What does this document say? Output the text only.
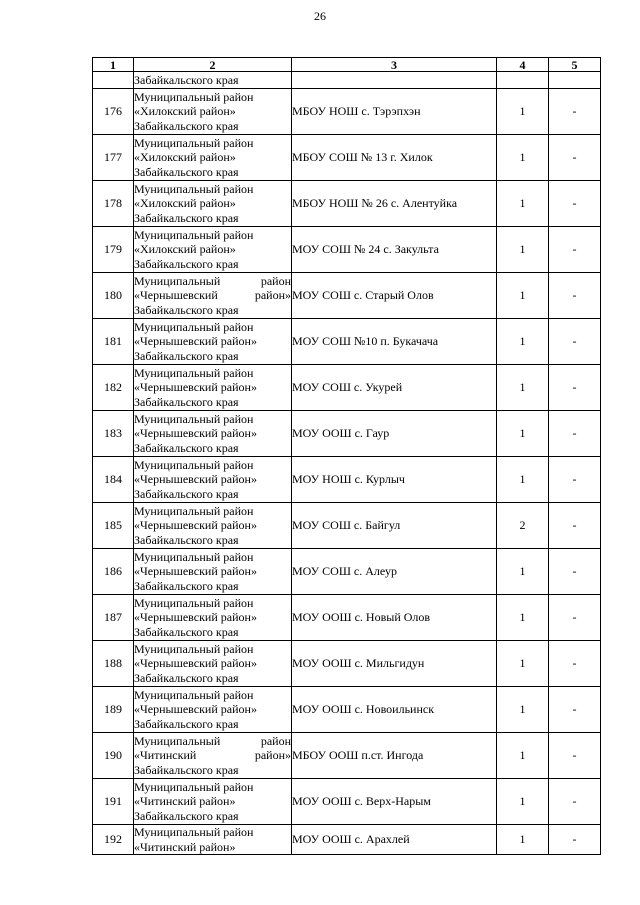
26
1	2	3	4	5

	Забайкальского края			

176	Муниципальный район
«Хилокский район»
Забайкальского края	МБОУ НОШ с. Тэрэпхэн	1	-
177	Муниципальный район
«Хилокский район»
Забайкальского края	МБОУ СОШ № 13 г. Хилок	1	-
178	Муниципальный район
«Хилокский район»
Забайкальского края	МБОУ НОШ № 26 с. Алентуйка	1	-
179	Муниципальный район
«Хилокский район»
Забайкальского края	МОУ СОШ № 24 с. Закульта	1	-
180	Муниципальный район
«Чернышевский район»
Забайкальского края	МОУ СОШ с. Старый Олов	1	-
181	Муниципальный район
«Чернышевский район»
Забайкальского края	МОУ СОШ №10 п. Букачача	1	-
182	Муниципальный район
«Чернышевский район»
Забайкальского края	МОУ СОШ с. Укурей	1	-
183	Муниципальный район
«Чернышевский район»
Забайкальского края	МОУ ООШ с. Гаур	1	-
184	Муниципальный район
«Чернышевский район»
Забайкальского края	МОУ НОШ с. Курлыч	1	-
185	Муниципальный район
«Чернышевский район»
Забайкальского края	МОУ СОШ с. Байгул	2	-
186	Муниципальный район
«Чернышевский район»
Забайкальского края	МОУ СОШ с. Алеур	1	-
187	Муниципальный район
«Чернышевский район»
Забайкальского края	МОУ ООШ с. Новый Олов	1	-
188	Муниципальный район
«Чернышевский район»
Забайкальского края	МОУ ООШ с. Мильгидун	1	-
189	Муниципальный район
«Чернышевский район»
Забайкальского края	МОУ ООШ с. Новоильинск	1	-
190	Муниципальный район
«Читинский район»
Забайкальского края	МБОУ ООШ п.ст. Ингода	1	-
191	Муниципальный район
«Читинский район»
Забайкальского края	МОУ ООШ с. Верх-Нарым	1	-
192	Муниципальный район
«Читинский район»	МОУ ООШ с. Арахлей	1	-
